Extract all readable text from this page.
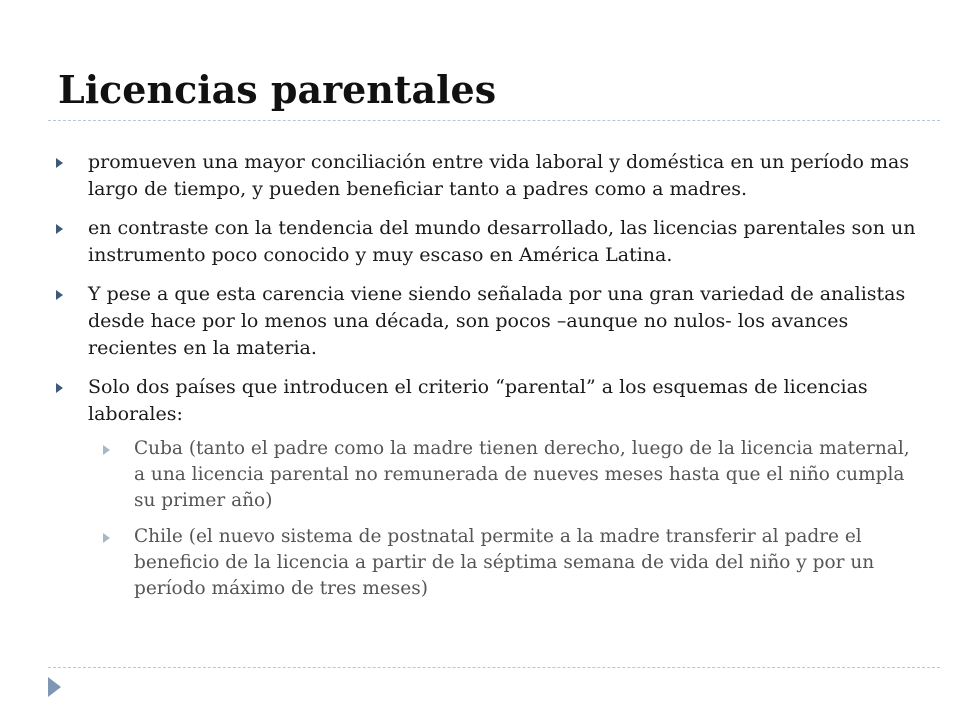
Licencias parentales
promueven una mayor conciliación entre vida laboral y doméstica en un período mas largo de tiempo, y pueden beneficiar tanto a padres como a madres.
en contraste con la tendencia del mundo desarrollado, las licencias parentales son un instrumento poco conocido y muy escaso en América Latina.
Y pese a que esta carencia viene siendo señalada por una gran variedad de analistas desde hace por lo menos una década, son pocos –aunque no nulos- los avances recientes en la materia.
Solo dos países que introducen el criterio “parental” a los esquemas de licencias laborales:
Cuba (tanto el padre como la madre tienen derecho, luego de la licencia maternal, a una licencia parental no remunerada de nueves meses hasta que el niño cumpla su primer año)
Chile (el nuevo sistema de postnatal permite a la madre transferir al padre el beneficio de la licencia a partir de la séptima semana de vida del niño y por un período máximo de tres meses)
